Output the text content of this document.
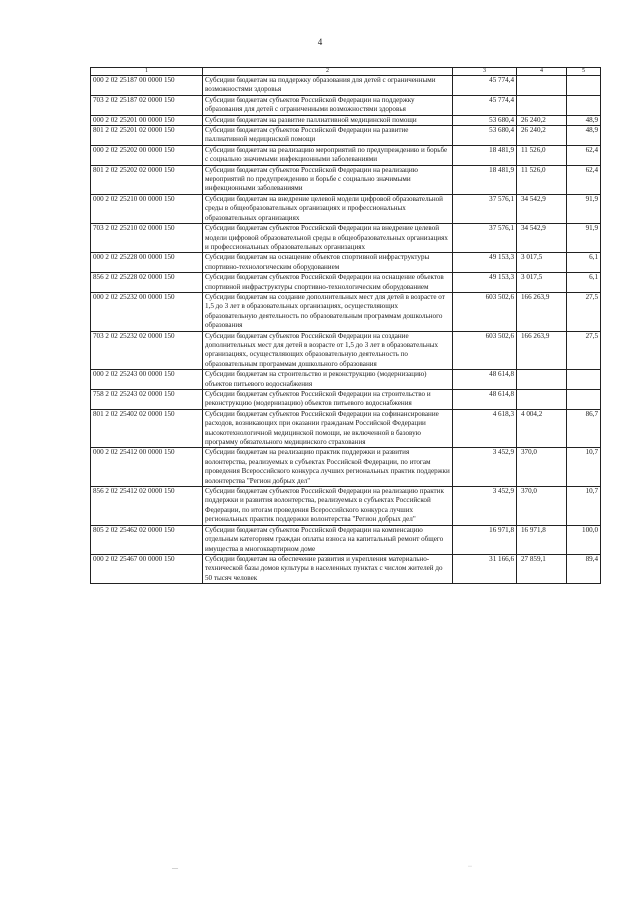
4
1	2	3	4	5
000 2 02 25187 00 0000 150	Субсидии бюджетам на поддержку образования для детей с ограниченными возможностями здоровья	45 774,4		
703 2 02 25187 02 0000 150	Субсидии бюджетам субъектов Российской Федерации на поддержку образования для детей с ограниченными возможностями здоровья	45 774,4		
000 2 02 25201 00 0000 150	Субсидии бюджетам на развитие паллиативной медицинской помощи	53 680,4	26 240,2	48,9
801 2 02 25201 02 0000 150	Субсидии бюджетам субъектов Российской Федерации на развитие паллиативной медицинской помощи	53 680,4	26 240,2	48,9
000 2 02 25202 00 0000 150	Субсидии бюджетам на реализацию мероприятий по предупреждению и борьбе с социально значимыми инфекционными заболеваниями	18 481,9	11 526,0	62,4
801 2 02 25202 02 0000 150	Субсидии бюджетам субъектов Российской Федерации на реализацию мероприятий по предупреждению и борьбе с социально значимыми инфекционными заболеваниями	18 481,9	11 526,0	62,4
000 2 02 25210 00 0000 150	Субсидии бюджетам на внедрение целевой модели цифровой образовательной среды в общеобразовательных организациях и профессиональных образовательных организациях	37 576,1	34 542,9	91,9
703 2 02 25210 02 0000 150	Субсидии бюджетам субъектов Российской Федерации на внедрение целевой модели цифровой образовательной среды в общеобразовательных организациях и профессиональных образовательных организациях	37 576,1	34 542,9	91,9
000 2 02 25228 00 0000 150	Субсидии бюджетам на оснащение объектов спортивной инфраструктуры спортивно-технологическим оборудованием	49 153,3	3 017,5	6,1
856 2 02 25228 02 0000 150	Субсидии бюджетам субъектов Российской Федерации на оснащение объектов спортивной инфраструктуры спортивно-технологическим оборудованием	49 153,3	3 017,5	6,1
000 2 02 25232 00 0000 150	Субсидии бюджетам на создание дополнительных мест для детей в возрасте от 1,5 до 3 лет в образовательных организациях, осуществляющих образовательную деятельность по образовательным программам дошкольного образования	603 502,6	166 263,9	27,5
703 2 02 25232 02 0000 150	Субсидии бюджетам субъектов Российской Федерации на создание дополнительных мест для детей в возрасте от 1,5 до 3 лет в образовательных организациях, осуществляющих образовательную деятельность по образовательным программам дошкольного образования	603 502,6	166 263,9	27,5
000 2 02 25243 00 0000 150	Субсидии бюджетам на строительство и реконструкцию (модернизацию) объектов питьевого водоснабжения	48 614,8		
758 2 02 25243 02 0000 150	Субсидии бюджетам субъектов Российской Федерации на строительство и реконструкцию (модернизацию) объектов питьевого водоснабжения	48 614,8		
801 2 02 25402 02 0000 150	Субсидии бюджетам субъектов Российской Федерации на софинансирование расходов, возникающих при оказании гражданам Российской Федерации высокотехнологичной медицинской помощи, не включенной в базовую программу обязательного медицинского страхования	4 618,3	4 004,2	86,7
000 2 02 25412 00 0000 150	Субсидии бюджетам на реализацию практик поддержки и развития волонтерства, реализуемых в субъектах Российской Федерации, по итогам проведения Всероссийского конкурса лучших региональных практик поддержки волонтерства "Регион добрых дел"	3 452,9	370,0	10,7
856 2 02 25412 02 0000 150	Субсидии бюджетам субъектов Российской Федерации на реализацию практик поддержки и развития волонтерства, реализуемых в субъектах Российской Федерации, по итогам проведения Всероссийского конкурса лучших региональных практик поддержки волонтерства "Регион добрых дел"	3 452,9	370,0	10,7
805 2 02 25462 02 0000 150	Субсидии бюджетам субъектов Российской Федерации на компенсацию отдельным категориям граждан оплаты взноса на капитальный ремонт общего имущества в многоквартирном доме	16 971,8	16 971,8	100,0
000 2 02 25467 00 0000 150	Субсидии бюджетам на обеспечение развития и укрепления материально-технической базы домов культуры в населенных пунктах с числом жителей до 50 тысяч человек	31 166,6	27 859,1	89,4
—	··
